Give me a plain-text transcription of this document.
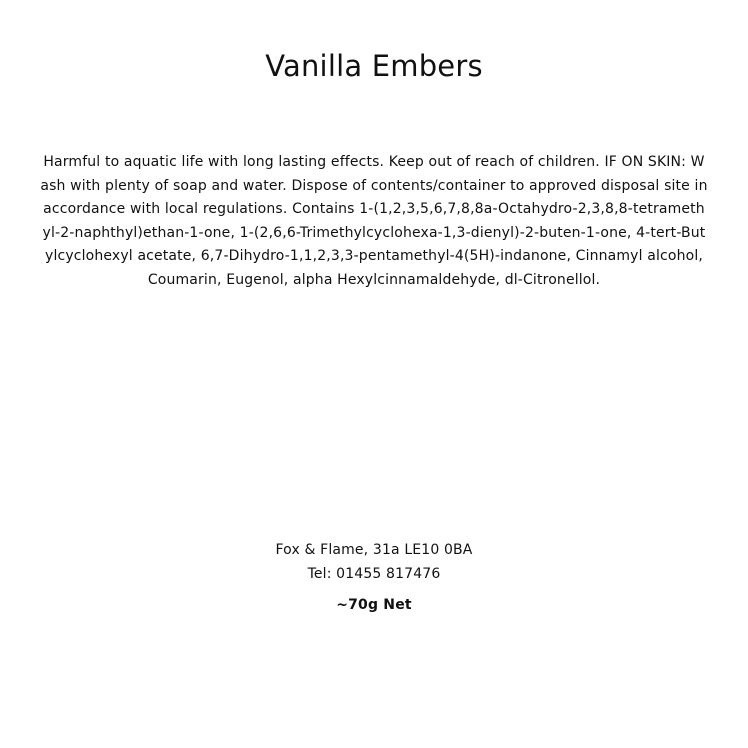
Vanilla Embers

Harmful to aquatic life with long lasting effects. Keep out of reach of children. IF ON SKIN: Wash with plenty of soap and water. Dispose of contents/container to approved disposal site in accordance with local regulations. Contains 1-(1,2,3,5,6,7,8,8a-Octahydro-2,3,8,8-tetramethyl-2-naphthyl)ethan-1-one, 1-(2,6,6-Trimethylcyclohexa-1,3-dienyl)-2-buten-1-one, 4-tert-Butylcyclohexyl acetate, 6,7-Dihydro-1,1,2,3,3-pentamethyl-4(5H)-indanone, Cinnamyl alcohol, Coumarin, Eugenol, alpha Hexylcinnamaldehyde, dl-Citronellol.

Fox & Flame, 31a LE10 0BA
Tel: 01455 817476
~70g Net
